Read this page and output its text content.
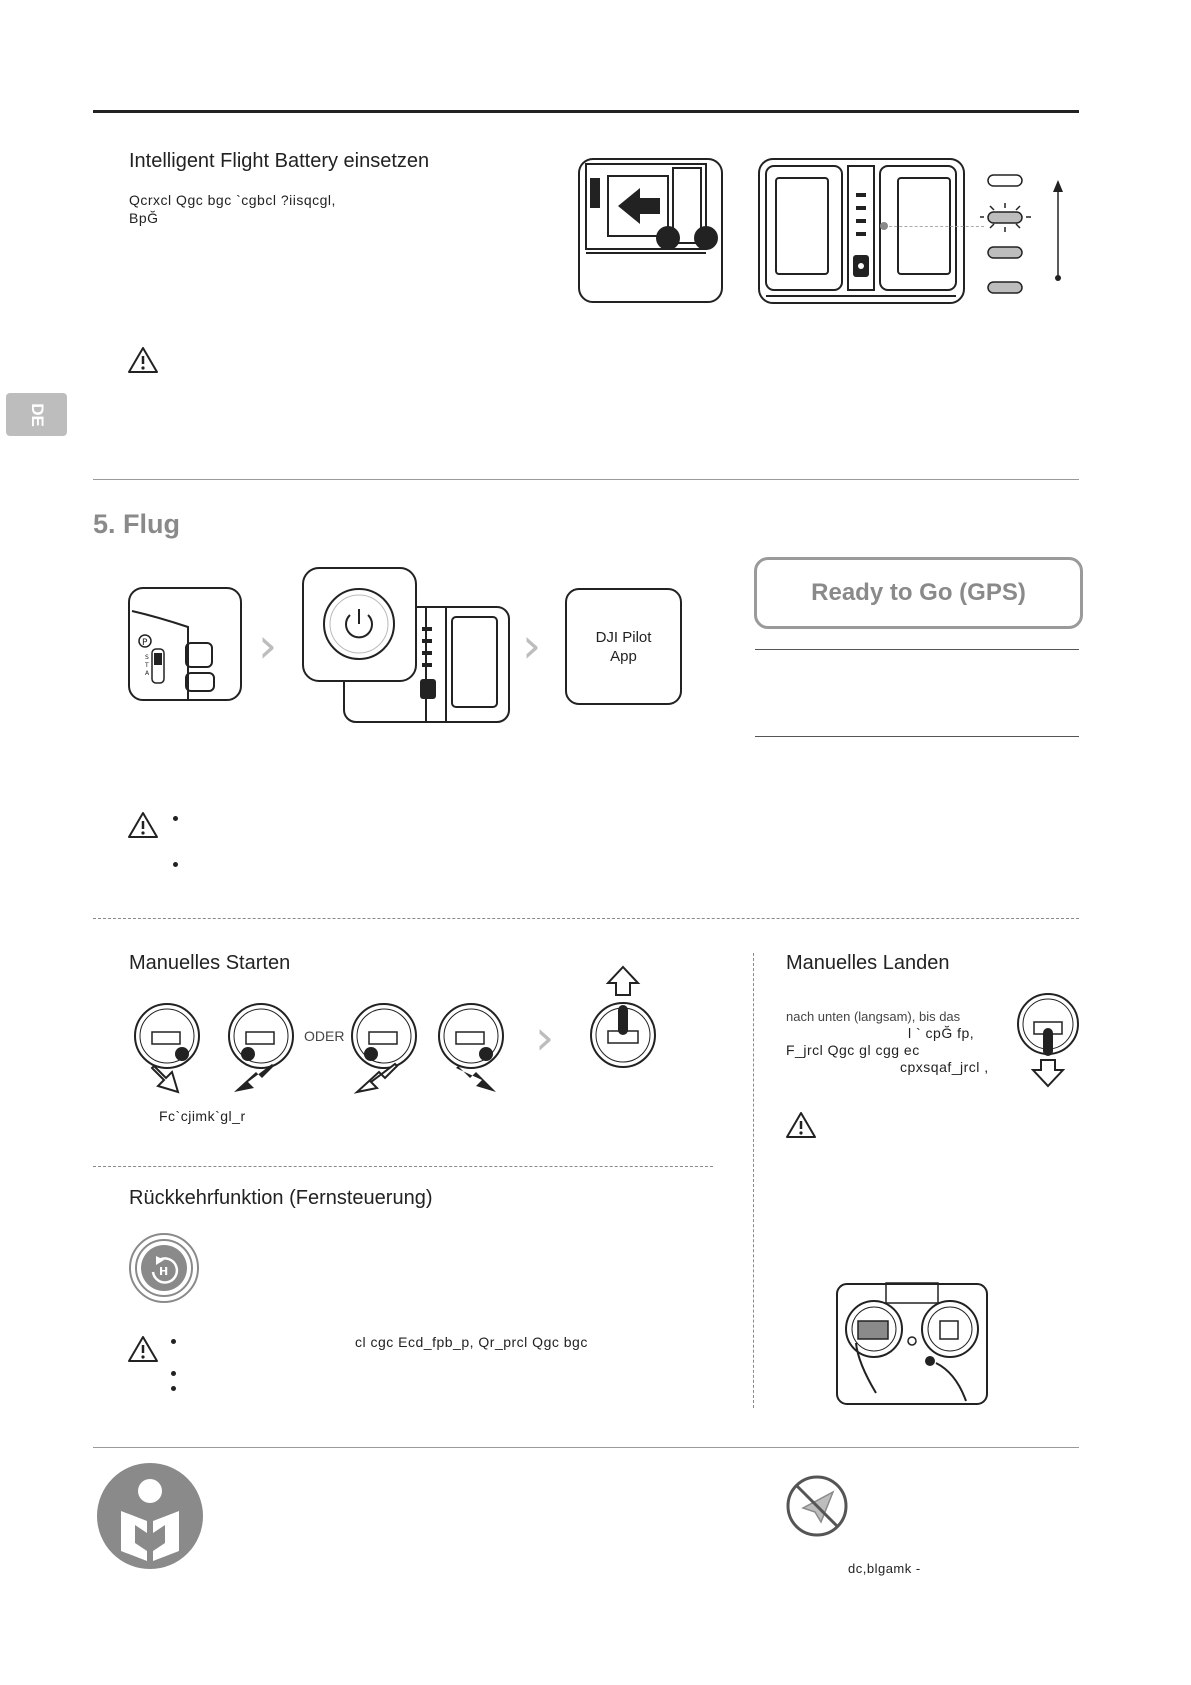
DE
Intelligent Flight Battery einsetzen
Qcrxcl Qgc bgc `cgbcl ?iisqcgl,
BpĞ
5. Flug
P
S
T
A ›	›	DJI Pilot
App
Ready to Go (GPS)
Manuelles Starten
ODER	›
Fc`cjimk`gl_r
Rückkehrfunktion (Fernsteuerung)
H
cl cgc Ecd_fpb_p, Qr_prcl Qgc bgc
Manuelles Landen
nach unten (langsam), bis das
l ` cpĞ fp,
F_jrcl Qgc gl cgg ec
cpxsqaf_jrcl ,
dc,blgamk -
